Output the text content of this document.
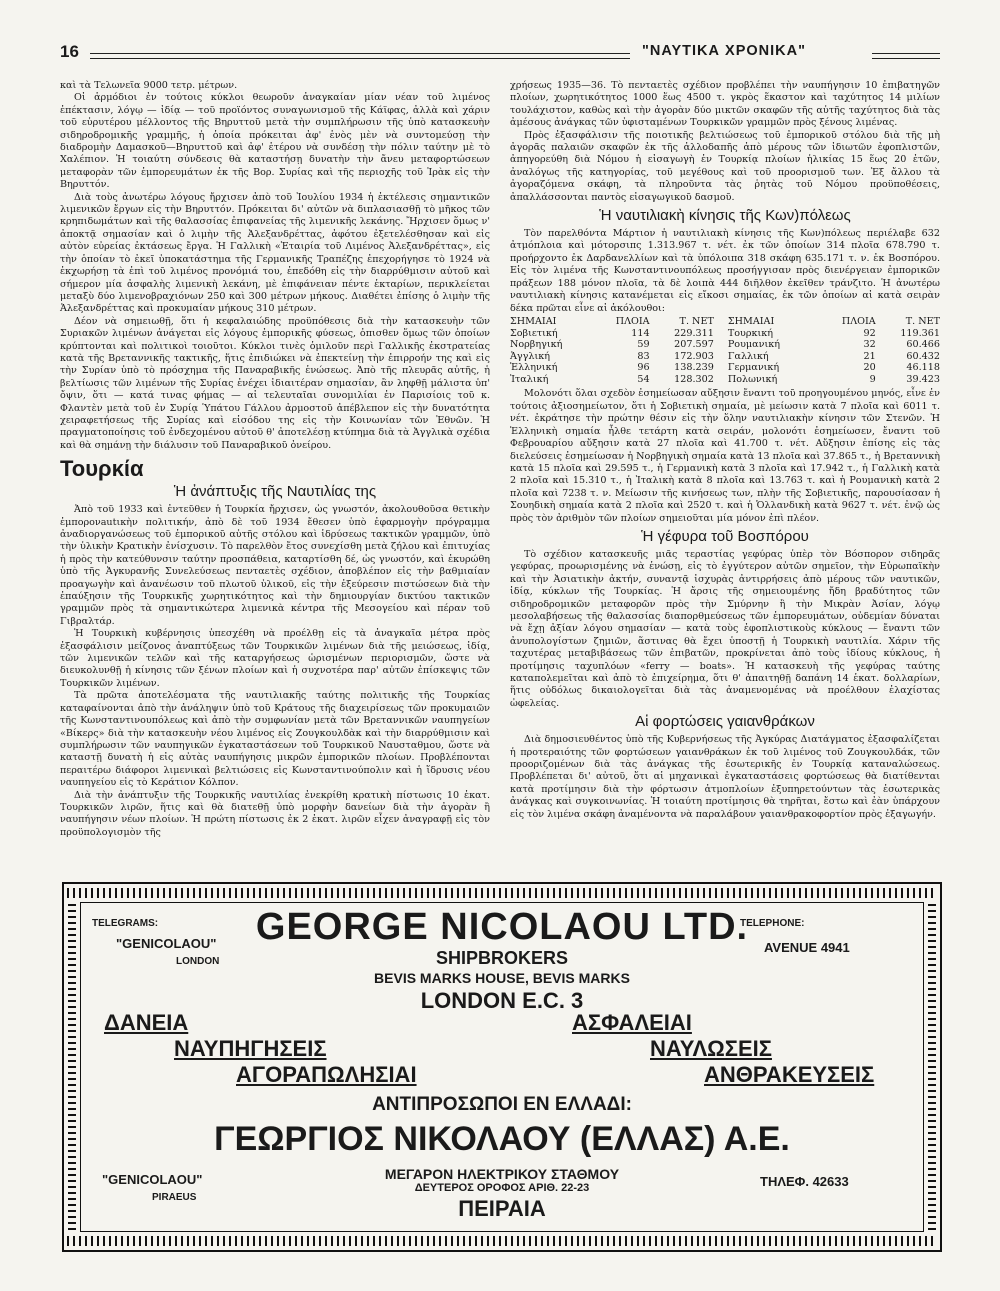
16	"ΝΑΥΤΙΚΑ ΧΡΟΝΙΚΑ"

καὶ τὰ Τελωνεῖα 9000 τετρ. μέτρων.

Οἱ ἁρμόδιοι ἐν τούτοις κύκλοι θεωροῦν ἀναγκαίαν μίαν νέαν τοῦ λιμένος ἐπέκτασιν, λόγῳ — ἰδίᾳ — τοῦ προϊόντος συναγωνισμοῦ τῆς Κάϊφας, ἀλλὰ καὶ χάριν τοῦ εὐρυτέρου μέλλοντος τῆς Βηρυττοῦ μετὰ τὴν συμπλήρωσιν τῆς ὑπὸ κατασκευὴν σιδηροδρομικῆς γραμμῆς, ἡ ὁποία πρόκειται ἀφ' ἑνὸς μὲν νὰ συντομεύσῃ τὴν διαδρομὴν Δαμασκοῦ—Βηρυττοῦ καὶ ἀφ' ἑτέρου νὰ συνδέσῃ τὴν πόλιν ταύτην μὲ τὸ Χαλέπιον. Ἡ τοιαύτη σύνδεσις θὰ καταστήσῃ δυνατὴν τὴν ἄνευ μεταφορτώσεων μεταφορὰν τῶν ἐμπορευμάτων ἐκ τῆς Βορ. Συρίας καὶ τῆς περιοχῆς τοῦ Ἰρὰκ εἰς τὴν Βηρυττόν.

Διὰ τοὺς ἀνωτέρω λόγους ἤρχισεν ἀπὸ τοῦ Ἰουλίου 1934 ἡ ἐκτέλεσις σημαντικῶν λιμενικῶν ἔργων εἰς τὴν Βηρυττόν. Πρόκειται δι' αὐτῶν νὰ διπλασιασθῇ τὸ μῆκος τῶν κρηπιδωμάτων καὶ τῆς θαλασσίας ἐπιφανείας τῆς λιμενικῆς λεκάνης. Ἤρχισεν ὅμως ν' ἀποκτᾷ σημασίαν καὶ ὁ λιμὴν τῆς Ἀλεξανδρέττας, ἀφότου ἐξετελέσθησαν καὶ εἰς αὐτὸν εὐρείας ἐκτάσεως ἔργα. Ἡ Γαλλικὴ «Ἑταιρία τοῦ Λιμένος Ἀλεξανδρέττας», εἰς τὴν ὁποίαν τὸ ἐκεῖ ὑποκατάστημα τῆς Γερμανικῆς Τραπέζης ἐπεχορήγησε τὸ 1924 νὰ ἐκχωρήσῃ τὰ ἐπὶ τοῦ λιμένος προνόμιά του, ἐπεδόθη εἰς τὴν διαρρύθμισιν αὐτοῦ καὶ σήμερον μία ἀσφαλὴς λιμενικὴ λεκάνη, μὲ ἐπιφάνειαν πέντε ἑκταρίων, περικλείεται μεταξὺ δύο λιμενοβραχιόνων 250 καὶ 300 μέτρων μήκους. Διαθέτει ἐπίσης ὁ λιμὴν τῆς Ἀλεξανδρέττας καὶ προκυμαίαν μήκους 310 μέτρων.

Δέον νὰ σημειωθῇ, ὅτι ἡ κεφαλαιώδης προϋπόθεσις διὰ τὴν κατασκευὴν τῶν Συριακῶν λιμένων ἀνάγεται εἰς λόγους ἐμπορικῆς φύσεως, ὀπισθεν ὅμως τῶν ὁποίων κρύπτονται καὶ πολιτικοὶ τοιοῦτοι. Κύκλοι τινὲς ὁμιλοῦν περὶ Γαλλικῆς ἐκστρατείας κατὰ τῆς Βρεταννικῆς τακτικῆς, ἥτις ἐπιδιώκει νὰ ἐπεκτείνῃ τὴν ἐπιρροήν της καὶ εἰς τὴν Συρίαν ὑπὸ τὸ πρόσχημα τῆς Παναραβικῆς ἑνώσεως. Ἀπὸ τῆς πλευρᾶς αὐτῆς, ἡ βελτίωσις τῶν λιμένων τῆς Συρίας ἐνέχει ἰδιαιτέραν σημασίαν, ἂν ληφθῇ μάλιστα ὑπ' ὄψιν, ὅτι — κατά τινας φήμας — αἱ τελευταῖαι συνομιλίαι ἐν Παρισίοις τοῦ κ. Φλαντὲν μετὰ τοῦ ἐν Συρίᾳ Ὑπάτου Γάλλου ἀρμοστοῦ ἀπέβλεπον εἰς τὴν δυνατότητα χειραφετήσεως τῆς Συρίας καὶ εἰσόδου της εἰς τὴν Κοινωνίαν τῶν Ἐθνῶν. Ἡ πραγματοποίησις τοῦ ἐνδεχομένου αὐτοῦ θ' ἀποτελέσῃ κτύπημα διὰ τὰ Ἀγγλικὰ σχέδια καὶ θὰ σημάνῃ τὴν διάλυσιν τοῦ Παναραβικοῦ ὀνείρου.

Τουρκία
Ἡ ἀνάπτυξις τῆς Ναυτιλίας της

Ἀπὸ τοῦ 1933 καὶ ἐντεῦθεν ἡ Τουρκία ἤρχισεν, ὡς γνωστόν, ἀκολουθοῦσα θετικὴν ἐμπορονautικὴν πολιτικήν, ἀπὸ δὲ τοῦ 1934 ἔθεσεν ὑπὸ ἐφαρμογὴν πρόγραμμα ἀναδιοργανώσεως τοῦ ἐμπορικοῦ αὐτῆς στόλου καὶ ἱδρύσεως τακτικῶν γραμμῶν, ὑπὸ τὴν ὑλικὴν Κρατικὴν ἐνίσχυσιν. Τὸ παρελθὸν ἔτος συνεχίσθη μετὰ ζήλου καὶ ἐπιτυχίας ἡ πρὸς τὴν κατεύθυνσιν ταύτην προσπάθεια, καταρτίσθη δέ, ὡς γνωστόν, καὶ ἐκυρώθη ὑπὸ τῆς Ἀγκυρανῆς Συνελεύσεως πενταετὲς σχέδιον, ἀποβλέπον εἰς τὴν βαθμιαίαν προαγωγὴν καὶ ἀνανέωσιν τοῦ πλωτοῦ ὑλικοῦ, εἰς τὴν ἐξεύρεσιν πιστώσεων διὰ τὴν ἐπαύξησιν τῆς Τουρκικῆς χωρητικότητος καὶ τὴν δημιουργίαν δικτύου τακτικῶν γραμμῶν πρὸς τὰ σημαντικώτερα λιμενικὰ κέντρα τῆς Μεσογείου καὶ πέραν τοῦ Γιβραλτάρ.

Ἡ Τουρκικὴ κυβέρνησις ὑπεσχέθη νὰ προέλθῃ εἰς τὰ ἀναγκαῖα μέτρα πρὸς ἐξασφάλισιν μείζονος ἀναπτύξεως τῶν Τουρκικῶν λιμένων διὰ τῆς μειώσεως, ἰδίᾳ, τῶν λιμενικῶν τελῶν καὶ τῆς καταργήσεως ὡρισμένων περιορισμῶν, ὥστε νὰ διευκολυνθῇ ἡ κίνησις τῶν ξένων πλοίων καὶ ἡ συχνοτέρα παρ' αὐτῶν ἐπίσκεψις τῶν Τουρκικῶν λιμένων.

Τὰ πρῶτα ἀποτελέσματα τῆς ναυτιλιακῆς ταύτης πολιτικῆς τῆς Τουρκίας καταφαίνονται ἀπὸ τὴν ἀνάληψιν ὑπὸ τοῦ Κράτους τῆς διαχειρίσεως τῶν προκυμαιῶν τῆς Κωνσταντινουπόλεως καὶ ἀπὸ τὴν συμφωνίαν μετὰ τῶν Βρεταννικῶν ναυπηγείων «Βίκερς» διὰ τὴν κατασκευὴν νέου λιμένος εἰς Ζουγκουλδὰκ καὶ τὴν διαρρύθμισιν καὶ συμπλήρωσιν τῶν ναυπηγικῶν ἐγκαταστάσεων τοῦ Τουρκικοῦ Ναυσταθμου, ὥστε νὰ καταστῇ δυνατὴ ἡ εἰς αὐτὰς ναυπήγησις μικρῶν ἐμπορικῶν πλοίων. Προβλέπονται περαιτέρω διάφοροι λιμενικαὶ βελτιώσεις εἰς Κωνσταντινούπολιν καὶ ἡ ἵδρυσις νέου ναυπηγείου εἰς τὸ Κεράτιον Κόλπον.

Διὰ τὴν ἀνάπτυξιν τῆς Τουρκικῆς ναυτιλίας ἐνεκρίθη κρατικὴ πίστωσις 10 ἑκατ. Τουρκικῶν λιρῶν, ἥτις καὶ θὰ διατεθῇ ὑπὸ μορφὴν δανείων διὰ τὴν ἀγορὰν ἢ ναυπήγησιν νέων πλοίων. Ἡ πρώτη πίστωσις ἐκ 2 ἑκατ. λιρῶν εἶχεν ἀναγραφῇ εἰς τὸν προϋπολογισμὸν τῆς

χρήσεως 1935—36. Τὸ πενταετὲς σχέδιον προβλέπει τὴν ναυπήγησιν 10 ἐπιβατηγῶν πλοίων, χωρητικότητος 1000 ἕως 4500 τ. γκρὸς ἕκαστον καὶ ταχύτητος 14 μιλίων τουλάχιστον, καθὼς καὶ τὴν ἀγορὰν δύο μικτῶν σκαφῶν τῆς αὐτῆς ταχύτητος διὰ τὰς ἀμέσους ἀνάγκας τῶν ὑφισταμένων Τουρκικῶν γραμμῶν πρὸς ξένους λιμένας.

Πρὸς ἐξασφάλισιν τῆς ποιοτικῆς βελτιώσεως τοῦ ἐμπορικοῦ στόλου διὰ τῆς μὴ ἀγορᾶς παλαιῶν σκαφῶν ἐκ τῆς ἀλλοδαπῆς ἀπὸ μέρους τῶν ἰδιωτῶν ἐφοπλιστῶν, ἀπηγορεύθη διὰ Νόμου ἡ εἰσαγωγὴ ἐν Τουρκίᾳ πλοίων ἡλικίας 15 ἕως 20 ἐτῶν, ἀναλόγως τῆς κατηγορίας, τοῦ μεγέθους καὶ τοῦ προορισμοῦ των. Ἐξ ἄλλου τὰ ἀγοραζόμενα σκάφη, τὰ πληροῦντα τὰς ῥητὰς τοῦ Νόμου προϋποθέσεις, ἀπαλλάσσονται παντὸς εἰσαγωγικοῦ δασμοῦ.

Ἡ ναυτιλιακὴ κίνησις τῆς Κων)πόλεως

Τὸν παρελθόντα Μάρτιον ἡ ναυτιλιακὴ κίνησις τῆς Κων)πόλεως περιέλαβε 632 ἀτμόπλοια καὶ μότορσιπς 1.313.967 τ. νέτ. ἐκ τῶν ὁποίων 314 πλοῖα 678.790 τ. προήρχοντο ἐκ Δαρδανελλίων καὶ τὰ ὑπόλοιπα 318 σκάφη 635.171 τ. ν. ἐκ Βοσπόρου. Εἰς τὸν λιμένα τῆς Κωνσταντινουπόλεως προσήγγισαν πρὸς διενέργειαν ἐμπορικῶν πράξεων 188 μόνον πλοῖα, τὰ δὲ λοιπὰ 444 διῆλθον ἐκεῖθεν τράνζιτο. Ἡ ἀνωτέρω ναυτιλιακὴ κίνησις κατανέμεται εἰς εἴκοσι σημαίας, ἐκ τῶν ὁποίων αἱ κατὰ σειρὰν δέκα πρῶται εἶνε αἱ ἀκόλουθοι:

ΣΗΜΑΙΑΙ	ΠΛΟΙΑ	Τ. ΝΕΤ	ΣΗΜΑΙΑΙ	ΠΛΟΙΑ	Τ. ΝΕΤ
Σοβιετική	114	229.311	Τουρκική	92	119.361
Νορβηγική	59	207.597	Ρουμανική	32	60.466
Ἀγγλική	83	172.903	Γαλλική	21	60.432
Ἑλληνική	96	138.239	Γερμανική	20	46.118
Ἰταλική	54	128.302	Πολωνική	9	39.423

Μολονότι ὅλαι σχεδὸν ἐσημείωσαν αὔξησιν ἔναντι τοῦ προηγουμένου μηνός, εἶνε ἐν τούτοις ἀξιοσημείωτον, ὅτι ἡ Σοβιετικὴ σημαία, μὲ μείωσιν κατὰ 7 πλοῖα καὶ 6011 τ. νέτ. ἐκράτησε τὴν πρώτην θέσιν εἰς τὴν ὅλην ναυτιλιακὴν κίνησιν τῶν Στενῶν. Ἡ Ἑλληνικὴ σημαία ἦλθε τετάρτη κατὰ σειράν, μολονότι ἐσημείωσεν, ἔναντι τοῦ Φεβρουαρίου αὔξησιν κατὰ 27 πλοῖα καὶ 41.700 τ. νέτ. Αὔξησιν ἐπίσης εἰς τὰς διελεύσεις ἐσημείωσαν ἡ Νορβηγικὴ σημαία κατὰ 13 πλοῖα καὶ 37.865 τ., ἡ Βρεταννικὴ κατὰ 15 πλοῖα καὶ 29.595 τ., ἡ Γερμανικὴ κατὰ 3 πλοῖα καὶ 17.942 τ., ἡ Γαλλικὴ κατὰ 2 πλοῖα καὶ 15.310 τ., ἡ Ἰταλικὴ κατὰ 8 πλοῖα καὶ 13.763 τ. καὶ ἡ Ρουμανικὴ κατὰ 2 πλοῖα καὶ 7238 τ. ν. Μείωσιν τῆς κινήσεως των, πλὴν τῆς Σοβιετικῆς, παρουσίασαν ἡ Σουηδικὴ σημαία κατὰ 2 πλοῖα καὶ 2520 τ. καὶ ἡ Ὁλλανδικὴ κατὰ 9627 τ. νέτ. ἐνῷ ὡς πρὸς τὸν ἀριθμὸν τῶν πλοίων σημειοῦται μία μόνον ἐπὶ πλέον.

Ἡ γέφυρα τοῦ Βοσπόρου

Τὸ σχέδιον κατασκευῆς μιᾶς τεραστίας γεφύρας ὑπὲρ τὸν Βόσπορον σιδηρᾶς γεφύρας, προωρισμένης νὰ ἑνώσῃ, εἰς τὸ ἐγγύτερον αὐτῶν σημεῖον, τὴν Εὐρωπαϊκὴν καὶ τὴν Ἀσιατικὴν ἀκτήν, συναντᾷ ἰσχυρὰς ἀντιρρήσεις ἀπὸ μέρους τῶν ναυτικῶν, ἰδίᾳ, κύκλων τῆς Τουρκίας. Ἡ ἄρσις τῆς σημειουμένης ἤδη βραδύτητος τῶν σιδηροδρομικῶν μεταφορῶν πρὸς τὴν Σμύρνην ἢ τὴν Μικρὰν Ἀσίαν, λόγῳ μεσολαβήσεως τῆς θαλασσίας διαπορθμεύσεως τῶν ἐμπορευμάτων, οὐδεμίαν δύναται νὰ ἔχῃ ἀξίαν λόγου σημασίαν — κατὰ τοὺς ἐφοπλιστικοὺς κύκλους — ἔναντι τῶν ἀνυπολογίστων ζημιῶν, ἅστινας θὰ ἔχει ὑποστῇ ἡ Τουρκικὴ ναυτιλία. Χάριν τῆς ταχυτέρας μεταβιβάσεως τῶν ἐπιβατῶν, προκρίνεται ἀπὸ τοὺς ἰδίους κύκλους, ἡ προτίμησις ταχυπλόων «ferry — boats». Ἡ κατασκευὴ τῆς γεφύρας ταύτης καταπολεμεῖται καὶ ἀπὸ τὸ ἐπιχείρημα, ὅτι θ' ἀπαιτηθῇ δαπάνη 14 ἑκατ. δολλαρίων, ἥτις οὐδόλως δικαιολογεῖται διὰ τὰς ἀναμενομένας νὰ προέλθουν ἐλαχίστας ὠφελείας.

Αἱ φορτώσεις γαιανθράκων

Διὰ δημοσιευθέντος ὑπὸ τῆς Κυβερνήσεως τῆς Ἀγκύρας Διατάγματος ἐξασφαλίζεται ἡ προτεραιότης τῶν φορτώσεων γαιανθράκων ἐκ τοῦ λιμένος τοῦ Ζουγκουλδάκ, τῶν προοριζομένων διὰ τὰς ἀνάγκας τῆς ἐσωτερικῆς ἐν Τουρκίᾳ καταναλώσεως. Προβλέπεται δι' αὐτοῦ, ὅτι αἱ μηχανικαὶ ἐγκαταστάσεις φορτώσεως θὰ διατίθενται κατὰ προτίμησιν διὰ τὴν φόρτωσιν ἀτμοπλοίων ἐξυπηρετούντων τὰς ἐσωτερικὰς ἀνάγκας καὶ συγκοινωνίας. Ἡ τοιαύτη προτίμησις θὰ τηρῆται, ἔστω καὶ ἐὰν ὑπάρχουν εἰς τὸν λιμένα σκάφη ἀναμένοντα νὰ παραλάβουν γαιανθρακοφορτίον πρὸς ἐξαγωγήν.

TELEGRAMS:
"GENICOLAOU"
LONDON
GEORGE NICOLAOU LTD.
TELEPHONE:
AVENUE 4941
SHIPBROKERS
BEVIS MARKS HOUSE, BEVIS MARKS
LONDON E.C. 3
ΔΑΝΕΙΑ	ΑΣΦΑΛΕΙΑΙ
ΝΑΥΠΗΓΗΣΕΙΣ	ΝΑΥΛΩΣΕΙΣ
ΑΓΟΡΑΠΩΛΗΣΙΑΙ	ΑΝΘΡΑΚΕΥΣΕΙΣ
ΑΝΤΙΠΡΟΣΩΠΟΙ ΕΝ ΕΛΛΑΔΙ:
ΓΕΩΡΓΙΟΣ ΝΙΚΟΛΑΟΥ (ΕΛΛΑΣ) Α.Ε.
"GENICOLAOU"
PIRAEUS
ΜΕΓΑΡΟΝ ΗΛΕΚΤΡΙΚΟΥ ΣΤΑΘΜΟΥ
ΔΕΥΤΕΡΟΣ ΟΡΟΦΟΣ ΑΡΙΘ. 22-23	ΤΗΛΕΦ. 42633
ΠΕΙΡΑΙΑ
